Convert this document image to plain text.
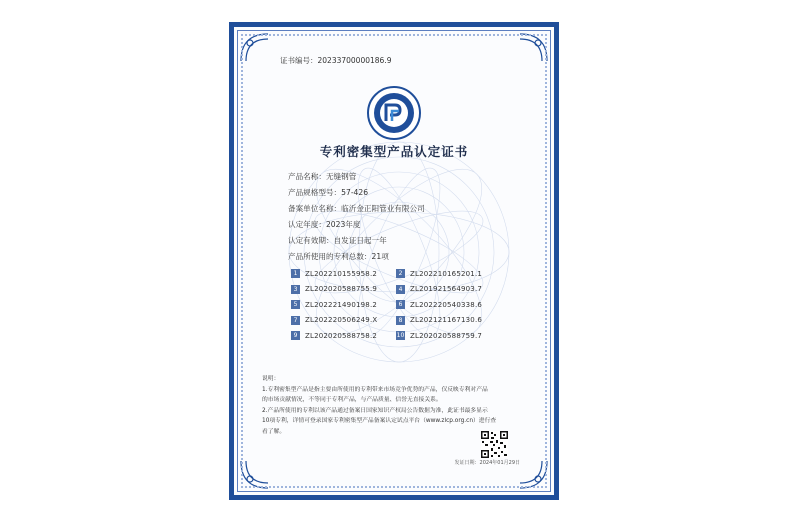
证书编号：20233700000186.9
专利密集型产品认定证书
产品名称：无缝钢管
产品规格型号：57-426
备案单位名称：临沂金正阳管业有限公司
认定年度：2023年度
认定有效期：自发证日起一年
产品所使用的专利总数：21项
1	ZL202210155958.2	2	ZL202210165201.1
3	ZL202020588755.9	4	ZL201921564903.7
5	ZL202221490198.2	6	ZL202220540338.6
7	ZL202220506249.X	8	ZL202121167130.6
9	ZL202020588758.2	10 ZL202020588759.7
说明：
1.专利密集型产品是指主要由所使用的专利带来市场竞争优势的产品，仅反映专利对产品
的市场贡献情况，不等同于专利产品，与产品质量、信誉无直接关系。
2.产品所使用的专利以该产品通过备案日国家知识产权局公告数据为准，此证书最多显示
10项专利，详情可登录国家专利密集型产品备案认定试点平台（www.zlcp.org.cn）进行查
看了解。
发证日期：2024年01月29日
